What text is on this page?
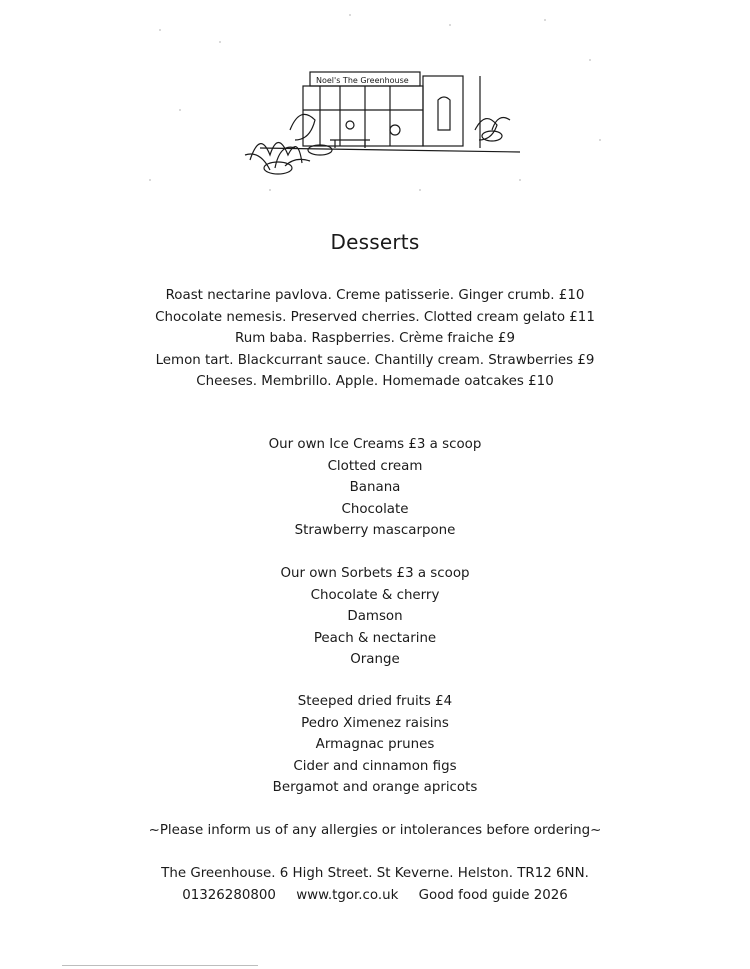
Noel's The Greenhouse
Desserts
Roast nectarine pavlova. Creme patisserie. Ginger crumb. £10
Chocolate nemesis. Preserved cherries. Clotted cream gelato £11
Rum baba. Raspberries. Crème fraiche £9
Lemon tart. Blackcurrant sauce. Chantilly cream. Strawberries £9
Cheeses. Membrillo. Apple. Homemade oatcakes £10
Our own Ice Creams £3 a scoop
Clotted cream
Banana
Chocolate
Strawberry mascarpone
Our own Sorbets £3 a scoop
Chocolate & cherry
Damson
Peach & nectarine
Orange
Steeped dried fruits £4
Pedro Ximenez raisins
Armagnac prunes
Cider and cinnamon figs
Bergamot and orange apricots
~Please inform us of any allergies or intolerances before ordering~
The Greenhouse. 6 High Street. St Keverne. Helston. TR12 6NN.
01326280800 www.tgor.co.uk Good food guide 2026
